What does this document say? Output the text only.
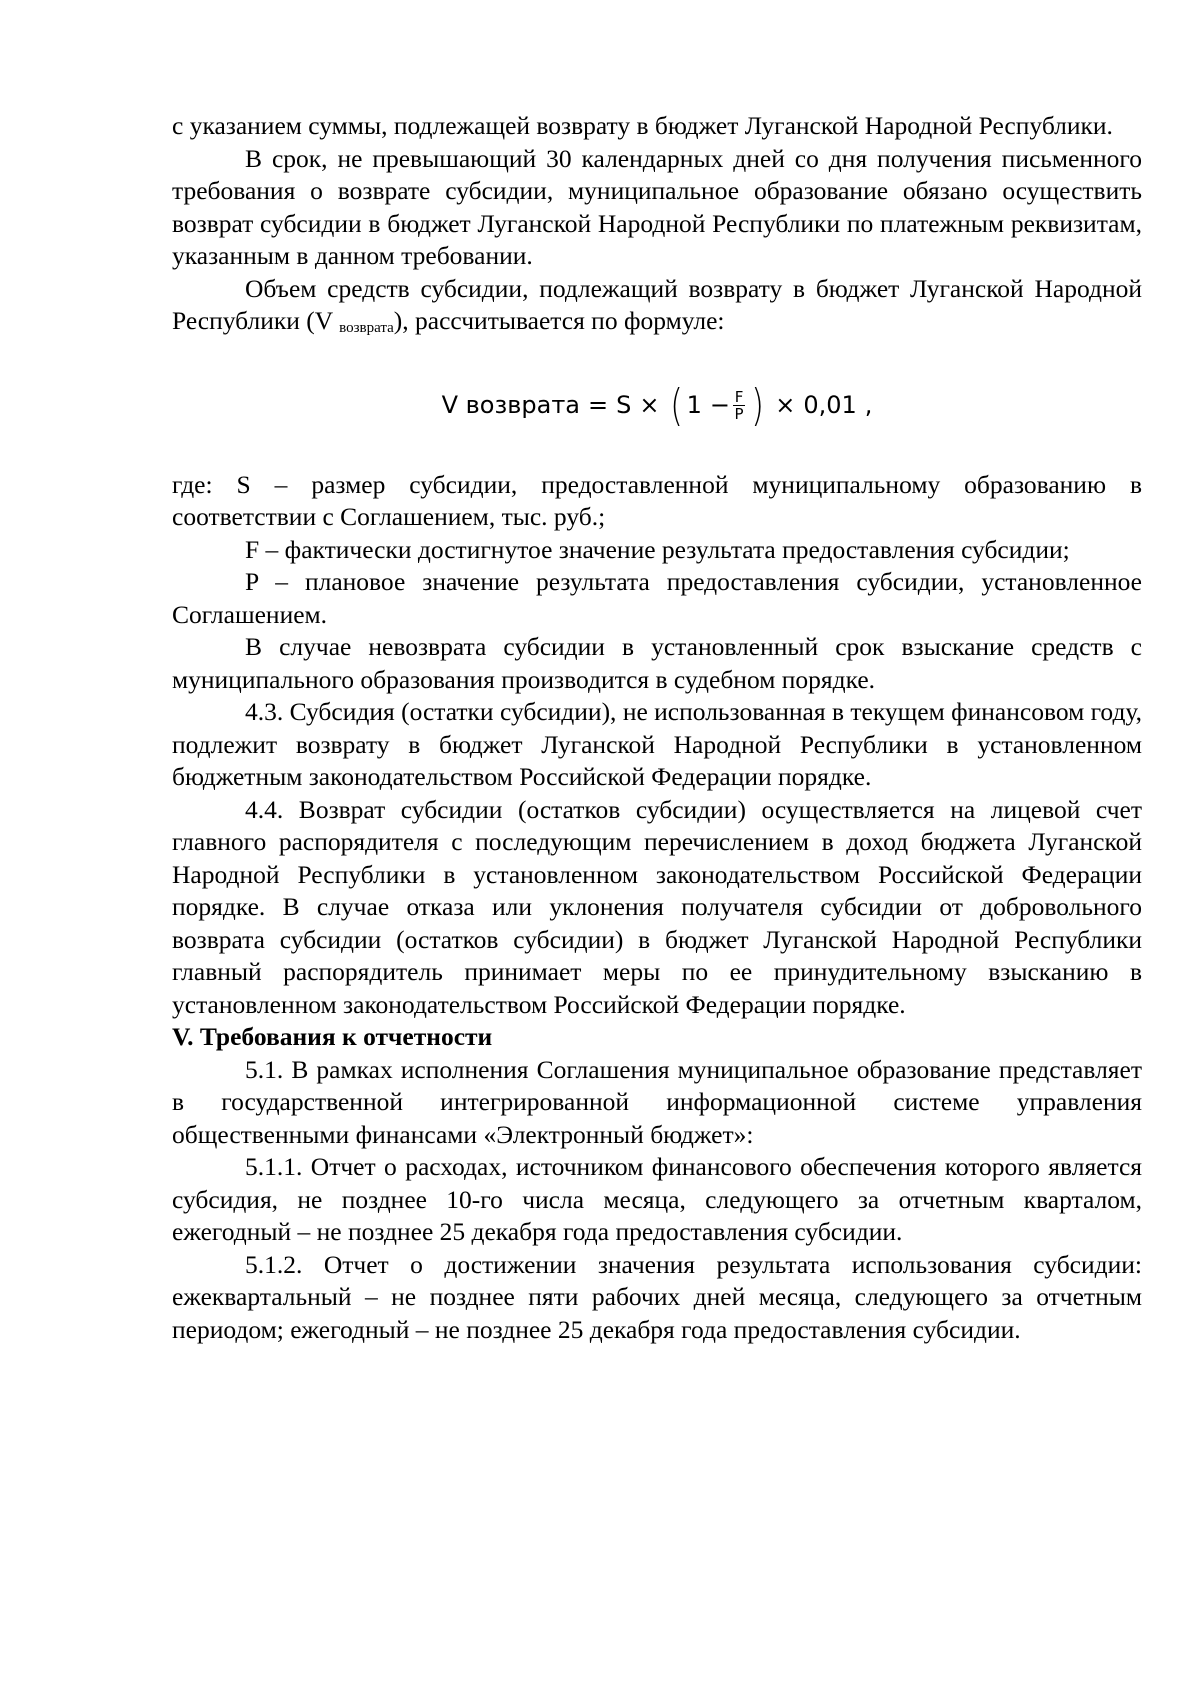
с указанием суммы, подлежащей возврату в бюджет Луганской Народной Республики.

В срок, не превышающий 30 календарных дней со дня получения письменного требования о возврате субсидии, муниципальное образование обязано осуществить возврат субсидии в бюджет Луганской Народной Республики по платежным реквизитам, указанным в данном требовании.

Объем средств субсидии, подлежащий возврату в бюджет Луганской Народной Республики (V $_{возврата}$), рассчитывается по формуле:

V возврата = S × ( $1 - \frac{F}{P}$ ) × 0,01 ,

где: S – размер субсидии, предоставленной муниципальному образованию в соответствии с Соглашением, тыс. руб.;

F – фактически достигнутое значение результата предоставления субсидии;

P – плановое значение результата предоставления субсидии, установленное Соглашением.

В случае невозврата субсидии в установленный срок взыскание средств с муниципального образования производится в судебном порядке.

4.3. Субсидия (остатки субсидии), не использованная в текущем финансовом году, подлежит возврату в бюджет Луганской Народной Республики в установленном бюджетным законодательством Российской Федерации порядке.

4.4. Возврат субсидии (остатков субсидии) осуществляется на лицевой счет главного распорядителя с последующим перечислением в доход бюджета Луганской Народной Республики в установленном законодательством Российской Федерации порядке. В случае отказа или уклонения получателя субсидии от добровольного возврата субсидии (остатков субсидии) в бюджет Луганской Народной Республики главный распорядитель принимает меры по ее принудительному взысканию в установленном законодательством Российской Федерации порядке.

V. Требования к отчетности

5.1. В рамках исполнения Соглашения муниципальное образование представляет в государственной интегрированной информационной системе управления общественными финансами «Электронный бюджет»:

5.1.1. Отчет о расходах, источником финансового обеспечения которого является субсидия, не позднее 10-го числа месяца, следующего за отчетным кварталом, ежегодный – не позднее 25 декабря года предоставления субсидии.

5.1.2. Отчет о достижении значения результата использования субсидии: ежеквартальный – не позднее пяти рабочих дней месяца, следующего за отчетным периодом; ежегодный – не позднее 25 декабря года предоставления субсидии.
